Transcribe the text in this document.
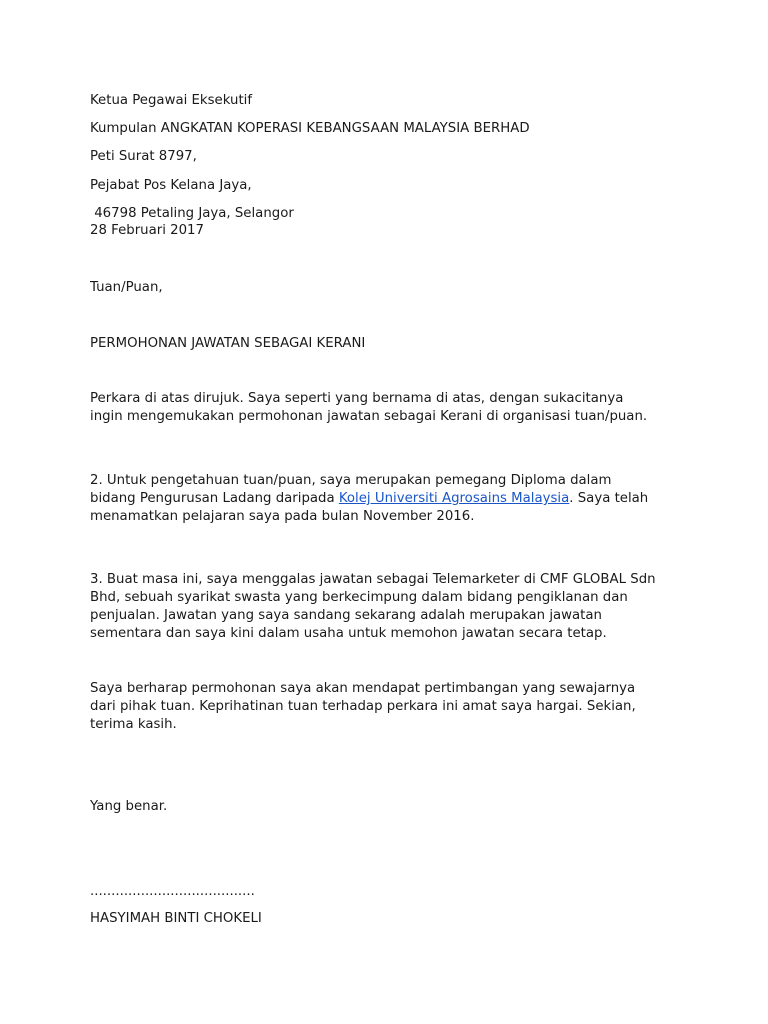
Ketua Pegawai Eksekutif

Kumpulan ANGKATAN KOPERASI KEBANGSAAN MALAYSIA BERHAD

Peti Surat 8797,

Pejabat Pos Kelana Jaya,

46798 Petaling Jaya, Selangor

28 Februari 2017

Tuan/Puan,

PERMOHONAN JAWATAN SEBAGAI KERANI

Perkara di atas dirujuk. Saya seperti yang bernama di atas, dengan sukacitanya
ingin mengemukakan permohonan jawatan sebagai Kerani di organisasi tuan/puan.
2. Untuk pengetahuan tuan/puan, saya merupakan pemegang Diploma dalam
bidang Pengurusan Ladang daripada Kolej Universiti Agrosains Malaysia. Saya telah
menamatkan pelajaran saya pada bulan November 2016.
3. Buat masa ini, saya menggalas jawatan sebagai Telemarketer di CMF GLOBAL Sdn
Bhd, sebuah syarikat swasta yang berkecimpung dalam bidang pengiklanan dan
penjualan. Jawatan yang saya sandang sekarang adalah merupakan jawatan
sementara dan saya kini dalam usaha untuk memohon jawatan secara tetap.
Saya berharap permohonan saya akan mendapat pertimbangan yang sewajarnya
dari pihak tuan. Keprihatinan tuan terhadap perkara ini amat saya hargai. Sekian,
terima kasih.

Yang benar.

.......................................

HASYIMAH BINTI CHOKELI
